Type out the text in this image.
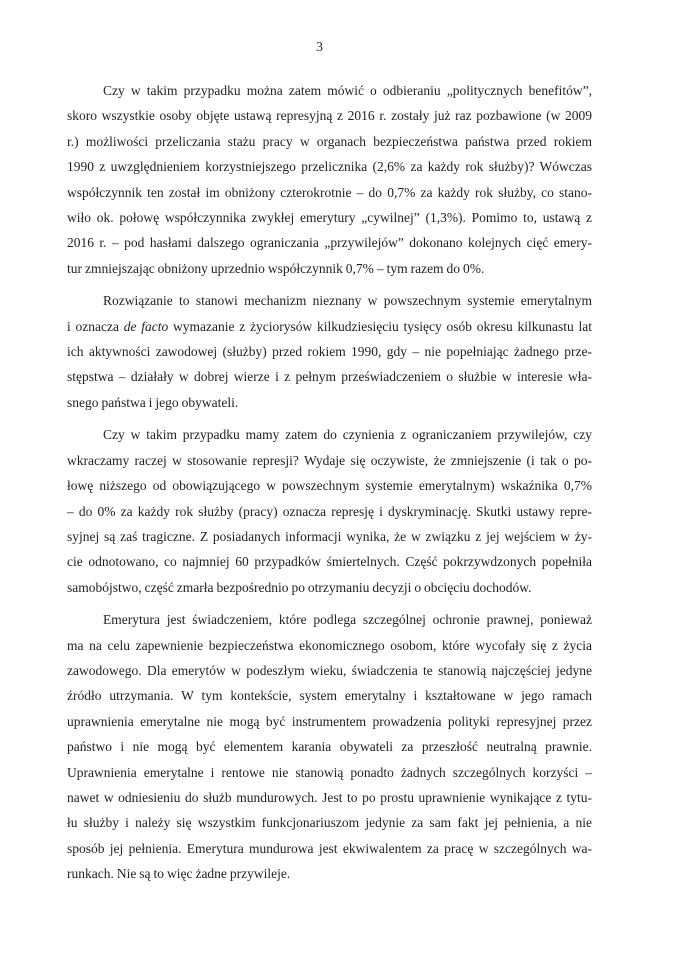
3
Czy w takim przypadku można zatem mówić o odbieraniu „politycznych benefitów”,
skoro wszystkie osoby objęte ustawą represyjną z 2016 r. zostały już raz pozbawione (w 2009
r.) możliwości przeliczania stażu pracy w organach bezpieczeństwa państwa przed rokiem
1990 z uwzględnieniem korzystniejszego przelicznika (2,6% za każdy rok służby)? Wówczas
współczynnik ten został im obniżony czterokrotnie – do 0,7% za każdy rok służby, co stano-
wiło ok. połowę współczynnika zwykłej emerytury „cywilnej” (1,3%). Pomimo to, ustawą z
2016 r. – pod hasłami dalszego ograniczania „przywilejów” dokonano kolejnych cięć emery-
tur zmniejszając obniżony uprzednio współczynnik 0,7% – tym razem do 0%.
Rozwiązanie to stanowi mechanizm nieznany w powszechnym systemie emerytalnym
i oznacza de facto wymazanie z życiorysów kilkudziesięciu tysięcy osób okresu kilkunastu lat
ich aktywności zawodowej (służby) przed rokiem 1990, gdy – nie popełniając żadnego prze-
stępstwa – działały w dobrej wierze i z pełnym przeświadczeniem o służbie w interesie wła-
snego państwa i jego obywateli.
Czy w takim przypadku mamy zatem do czynienia z ograniczaniem przywilejów, czy
wkraczamy raczej w stosowanie represji? Wydaje się oczywiste, że zmniejszenie (i tak o po-
łowę niższego od obowiązującego w powszechnym systemie emerytalnym) wskaźnika 0,7%
– do 0% za każdy rok służby (pracy) oznacza represję i dyskryminację. Skutki ustawy repre-
syjnej są zaś tragiczne. Z posiadanych informacji wynika, że w związku z jej wejściem w ży-
cie odnotowano, co najmniej 60 przypadków śmiertelnych. Część pokrzywdzonych popełniła
samobójstwo, część zmarła bezpośrednio po otrzymaniu decyzji o obcięciu dochodów.
Emerytura jest świadczeniem, które podlega szczególnej ochronie prawnej, ponieważ
ma na celu zapewnienie bezpieczeństwa ekonomicznego osobom, które wycofały się z życia
zawodowego. Dla emerytów w podeszłym wieku, świadczenia te stanowią najczęściej jedyne
źródło utrzymania. W tym kontekście, system emerytalny i kształtowane w jego ramach
uprawnienia emerytalne nie mogą być instrumentem prowadzenia polityki represyjnej przez
państwo i nie mogą być elementem karania obywateli za przeszłość neutralną prawnie.
Uprawnienia emerytalne i rentowe nie stanowią ponadto żadnych szczególnych korzyści –
nawet w odniesieniu do służb mundurowych. Jest to po prostu uprawnienie wynikające z tytu-
łu służby i należy się wszystkim funkcjonariuszom jedynie za sam fakt jej pełnienia, a nie
sposób jej pełnienia. Emerytura mundurowa jest ekwiwalentem za pracę w szczególnych wa-
runkach. Nie są to więc żadne przywileje.
